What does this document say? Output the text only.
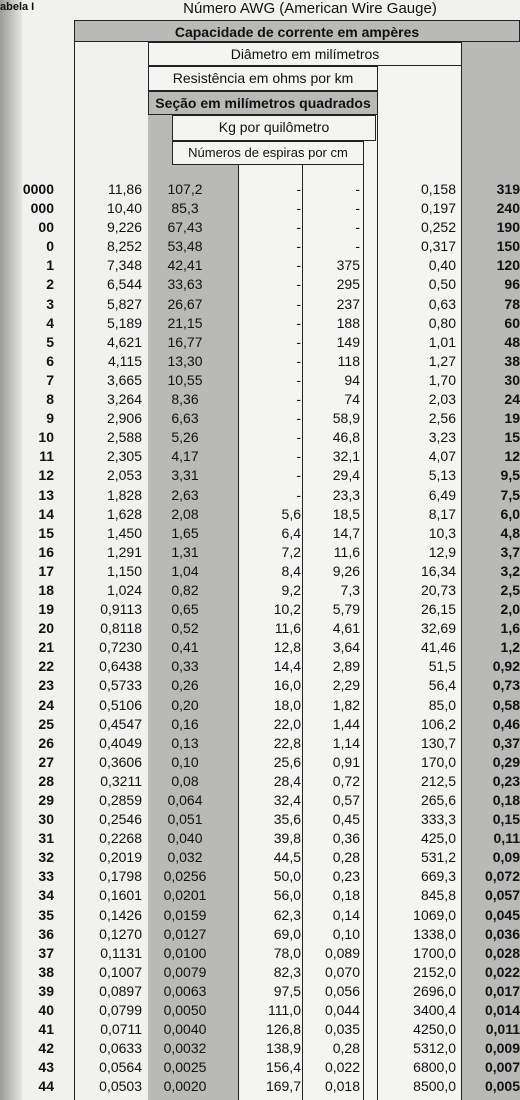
abela I	Número AWG (American Wire Gauge)
Capacidade de corrente em ampères
Diâmetro em milímetros
Resistência em ohms por km
Seção em milímetros quadrados
Kg por quilômetro
Números de espiras por cm
0000
000
00
0
1
2
3
4
5
6
7
8
9
10
11
12
13
14
15
16
17
18
19
20
21
22
23
24
25
26
27
28
29
30
31
32
33
34
35
36
37
38
39
40
41
42
43
44
11,86
10,40
9,226
8,252
7,348
6,544
5,827
5,189
4,621
4,115
3,665
3,264
2,906
2,588
2,305
2,053
1,828
1,628
1,450
1,291
1,150
1,024
0,9113
0,8118
0,7230
0,6438
0,5733
0,5106
0,4547
0,4049
0,3606
0,3211
0,2859
0,2546
0,2268
0,2019
0,1798
0,1601
0,1426
0,1270
0,1131
0,1007
0,0897
0,0799
0,0711
0,0633
0,0564
0,0503
107,2
85,3
67,43
53,48
42,41
33,63
26,67
21,15
16,77
13,30
10,55
8,36
6,63
5,26
4,17
3,31
2,63
2,08
1,65
1,31
1,04
0,82
0,65
0,52
0,41
0,33
0,26
0,20
0,16
0,13
0,10
0,08
0,064
0,051
0,040
0,032
0,0256
0,0201
0,0159
0,0127
0,0100
0,0079
0,0063
0,0050
0,0040
0,0032
0,0025
0,0020
-
-
-
-
-
-
-
-
-
-
-
-
-
-
-
-
-
5,6
6,4
7,2
8,4
9,2
10,2
11,6
12,8
14,4
16,0
18,0
22,0
22,8
25,6
28,4
32,4
35,6
39,8
44,5
50,0
56,0
62,3
69,0
78,0
82,3
97,5
111,0
126,8
138,9
156,4
169,7
-
-
-
-
375
295
237
188
149
118
94
74
58,9
46,8
32,1
29,4
23,3
18,5
14,7
11,6
9,26
7,3
5,79
4,61
3,64
2,89
2,29
1,82
1,44
1,14
0,91
0,72
0,57
0,45
0,36
0,28
0,23
0,18
0,14
0,10
0,089
0,070
0,056
0,044
0,035
0,28
0,022
0,018
0,158
0,197
0,252
0,317
0,40
0,50
0,63
0,80
1,01
1,27
1,70
2,03
2,56
3,23
4,07
5,13
6,49
8,17
10,3
12,9
16,34
20,73
26,15
32,69
41,46
51,5
56,4
85,0
106,2
130,7
170,0
212,5
265,6
333,3
425,0
531,2
669,3
845,8
1069,0
1338,0
1700,0
2152,0
2696,0
3400,4
4250,0
5312,0
6800,0
8500,0
319
240
190
150
120
96
78
60
48
38
30
24
19
15
12
9,5
7,5
6,0
4,8
3,7
3,2
2,5
2,0
1,6
1,2
0,92
0,73
0,58
0,46
0,37
0,29
0,23
0,18
0,15
0,11
0,09
0,072
0,057
0,045
0,036
0,028
0,022
0,017
0,014
0,011
0,009
0,007
0,005
